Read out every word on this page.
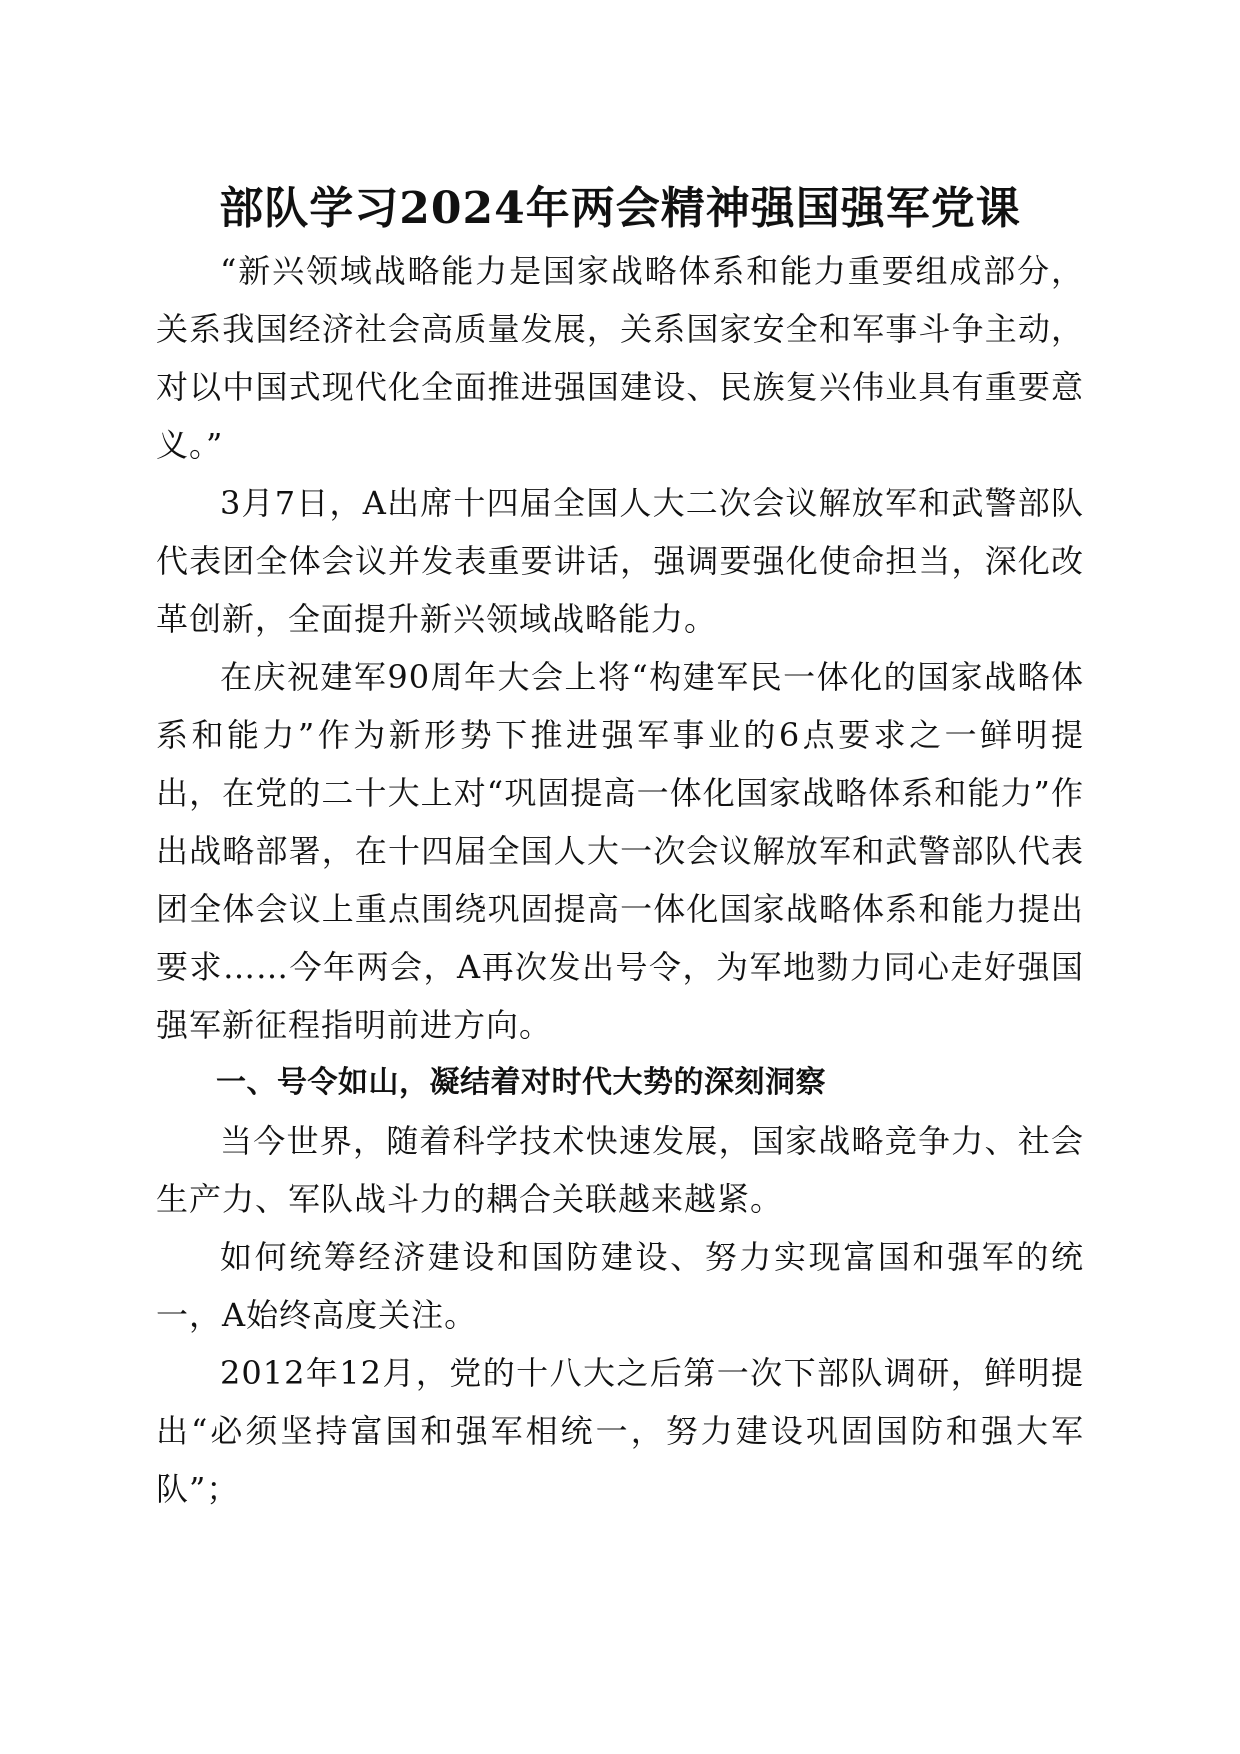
部队学习2024年两会精神强国强军党课

“新兴领域战略能力是国家战略体系和能力重要组成部分，关系我国经济社会高质量发展，关系国家安全和军事斗争主动，对以中国式现代化全面推进强国建设、民族复兴伟业具有重要意义。”

3月7日，A出席十四届全国人大二次会议解放军和武警部队代表团全体会议并发表重要讲话，强调要强化使命担当，深化改革创新，全面提升新兴领域战略能力。

在庆祝建军90周年大会上将“构建军民一体化的国家战略体系和能力”作为新形势下推进强军事业的6点要求之一鲜明提出，在党的二十大上对“巩固提高一体化国家战略体系和能力”作出战略部署，在十四届全国人大一次会议解放军和武警部队代表团全体会议上重点围绕巩固提高一体化国家战略体系和能力提出要求……今年两会，A再次发出号令，为军地勠力同心走好强国强军新征程指明前进方向。

一、号令如山，凝结着对时代大势的深刻洞察

当今世界，随着科学技术快速发展，国家战略竞争力、社会生产力、军队战斗力的耦合关联越来越紧。

如何统筹经济建设和国防建设、努力实现富国和强军的统一，A始终高度关注。

2012年12月，党的十八大之后第一次下部队调研，鲜明提出“必须坚持富国和强军相统一，努力建设巩固国防和强大军队”；
